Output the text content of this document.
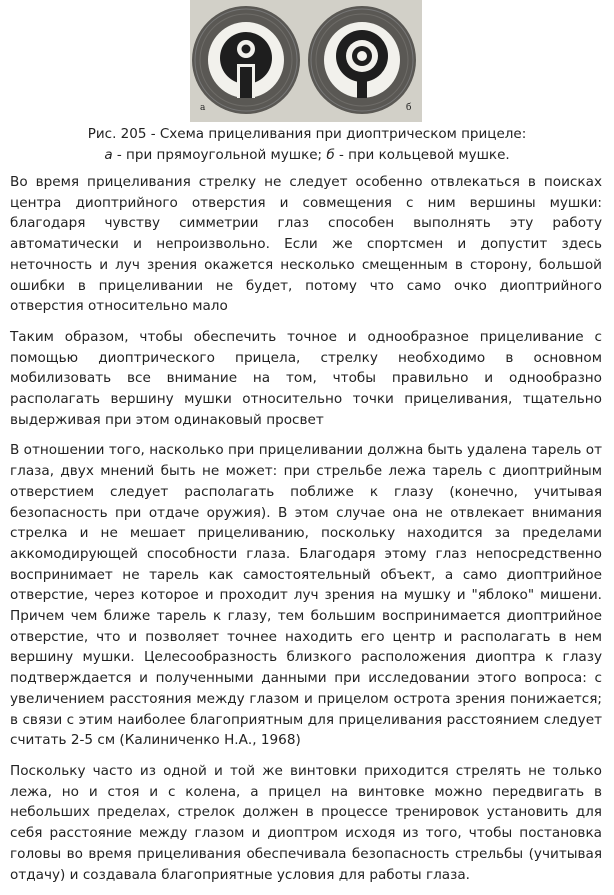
а	б
Рис. 205 - Схема прицеливания при диоптрическом прицеле:
а - при прямоугольной мушке; б - при кольцевой мушке.

Во время прицеливания стрелку не следует особенно отвлекаться в поисках центра диоптрийного отверстия и совмещения с ним вершины мушки: благодаря чувству симметрии глаз способен выполнять эту работу автоматически и непроизвольно. Если же спортсмен и допустит здесь неточность и луч зрения окажется несколько смещенным в сторону, большой ошибки в прицеливании не будет, потому что само очко диоптрийного отверстия относительно мало

Таким образом, чтобы обеспечить точное и однообразное прицеливание с помощью диоптрического прицела, стрелку необходимо в основном мобилизовать все внимание на том, чтобы правильно и однообразно располагать вершину мушки относительно точки прицеливания, тщательно выдерживая при этом одинаковый просвет

В отношении того, насколько при прицеливании должна быть удалена тарель от глаза, двух мнений быть не может: при стрельбе лежа тарель с диоптрийным отверстием следует располагать поближе к глазу (конечно, учитывая безопасность при отдаче оружия). В этом случае она не отвлекает внимания стрелка и не мешает прицеливанию, поскольку находится за пределами аккомодирующей способности глаза. Благодаря этому глаз непосредственно воспринимает не тарель как самостоятельный объект, а само диоптрийное отверстие, через которое и проходит луч зрения на мушку и "яблоко" мишени. Причем чем ближе тарель к глазу, тем большим воспринимается диоптрийное отверстие, что и позволяет точнее находить его центр и располагать в нем вершину мушки. Целесообразность близкого расположения диоптра к глазу подтверждается и полученными данными при исследовании этого вопроса: с увеличением расстояния между глазом и прицелом острота зрения понижается; в связи с этим наиболее благоприятным для прицеливания расстоянием следует считать 2-5 см (Калиниченко Н.А., 1968)

Поскольку часто из одной и той же винтовки приходится стрелять не только лежа, но и стоя и с колена, а прицел на винтовке можно передвигать в небольших пределах, стрелок должен в процессе тренировок установить для себя расстояние между глазом и диоптром исходя из того, чтобы постановка головы во время прицеливания обеспечивала безопасность стрельбы (учитывая отдачу) и создавала благоприятные условия для работы глаза.
